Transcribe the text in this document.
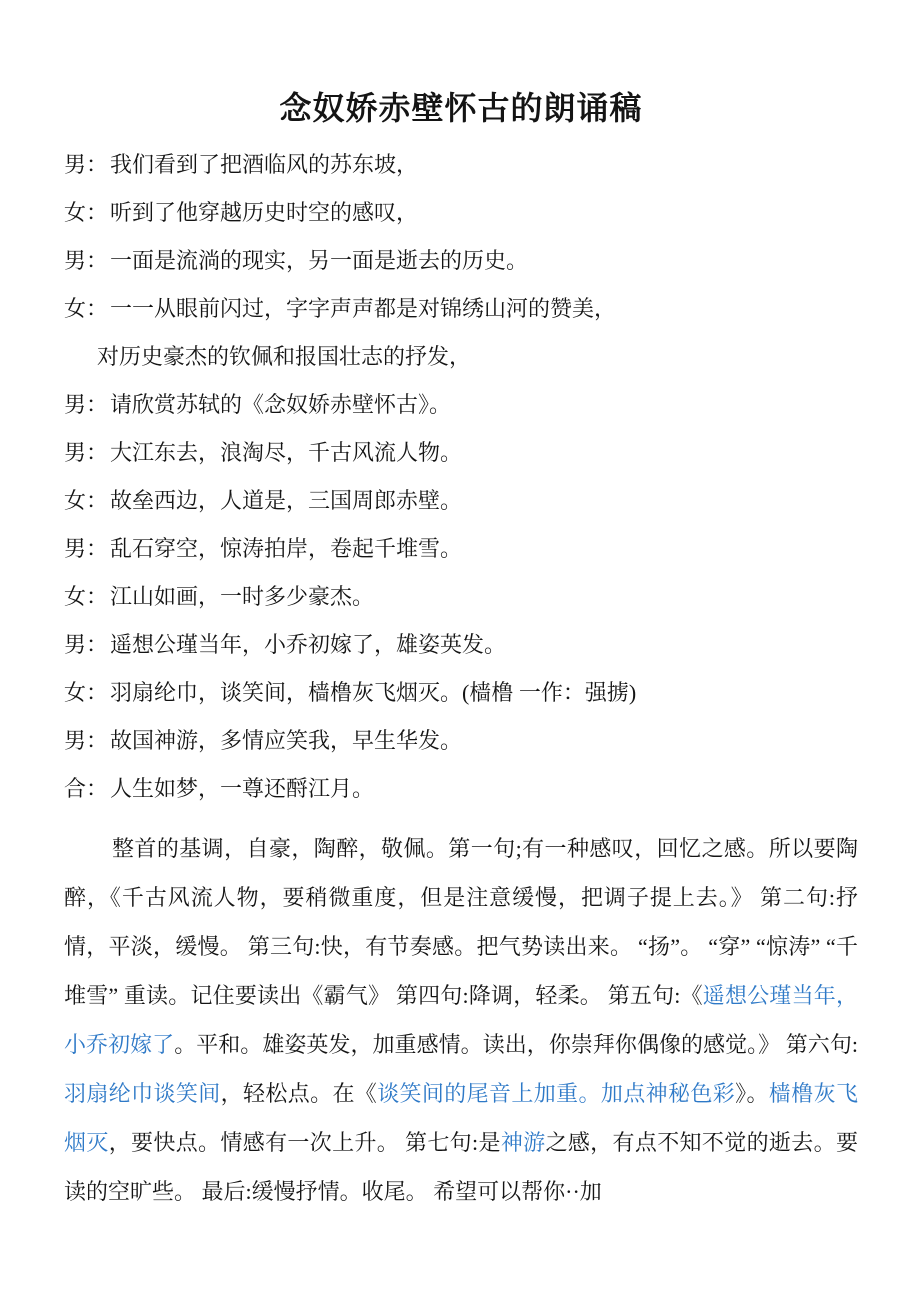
念奴娇赤壁怀古的朗诵稿

男：我们看到了把酒临风的苏东坡，

女：听到了他穿越历史时空的感叹，

男：一面是流淌的现实，另一面是逝去的历史。

女：一一从眼前闪过，字字声声都是对锦绣山河的赞美，

对历史豪杰的钦佩和报国壮志的抒发，

男：请欣赏苏轼的《念奴娇赤壁怀古》。

男：大江东去，浪淘尽，千古风流人物。

女：故垒西边，人道是，三国周郎赤壁。

男：乱石穿空，惊涛拍岸，卷起千堆雪。

女：江山如画，一时多少豪杰。

男：遥想公瑾当年，小乔初嫁了，雄姿英发。

女：羽扇纶巾，谈笑间，樯橹灰飞烟灭。(樯橹 一作：强掳)

男：故国神游，多情应笑我，早生华发。

合：人生如梦，一尊还酹江月。

整首的基调，自豪，陶醉，敬佩。第一句;有一种感叹，回忆之感。所以要陶醉，《千古风流人物，要稍微重度，但是注意缓慢，把调子提上去。》 第二句:抒情，平淡，缓慢。 第三句:快，有节奏感。把气势读出来。 “扬”。 “穿” “惊涛” “千堆雪” 重读。记住要读出《霸气》 第四句:降调，轻柔。 第五句:《遥想公瑾当年，小乔初嫁了。平和。雄姿英发，加重感情。读出，你崇拜你偶像的感觉。》 第六句:羽扇纶巾谈笑间，轻松点。在《谈笑间的尾音上加重。加点神秘色彩》。樯橹灰飞烟灭，要快点。情感有一次上升。 第七句:是神游之感，有点不知不觉的逝去。要读的空旷些。 最后:缓慢抒情。收尾。 希望可以帮你··加
